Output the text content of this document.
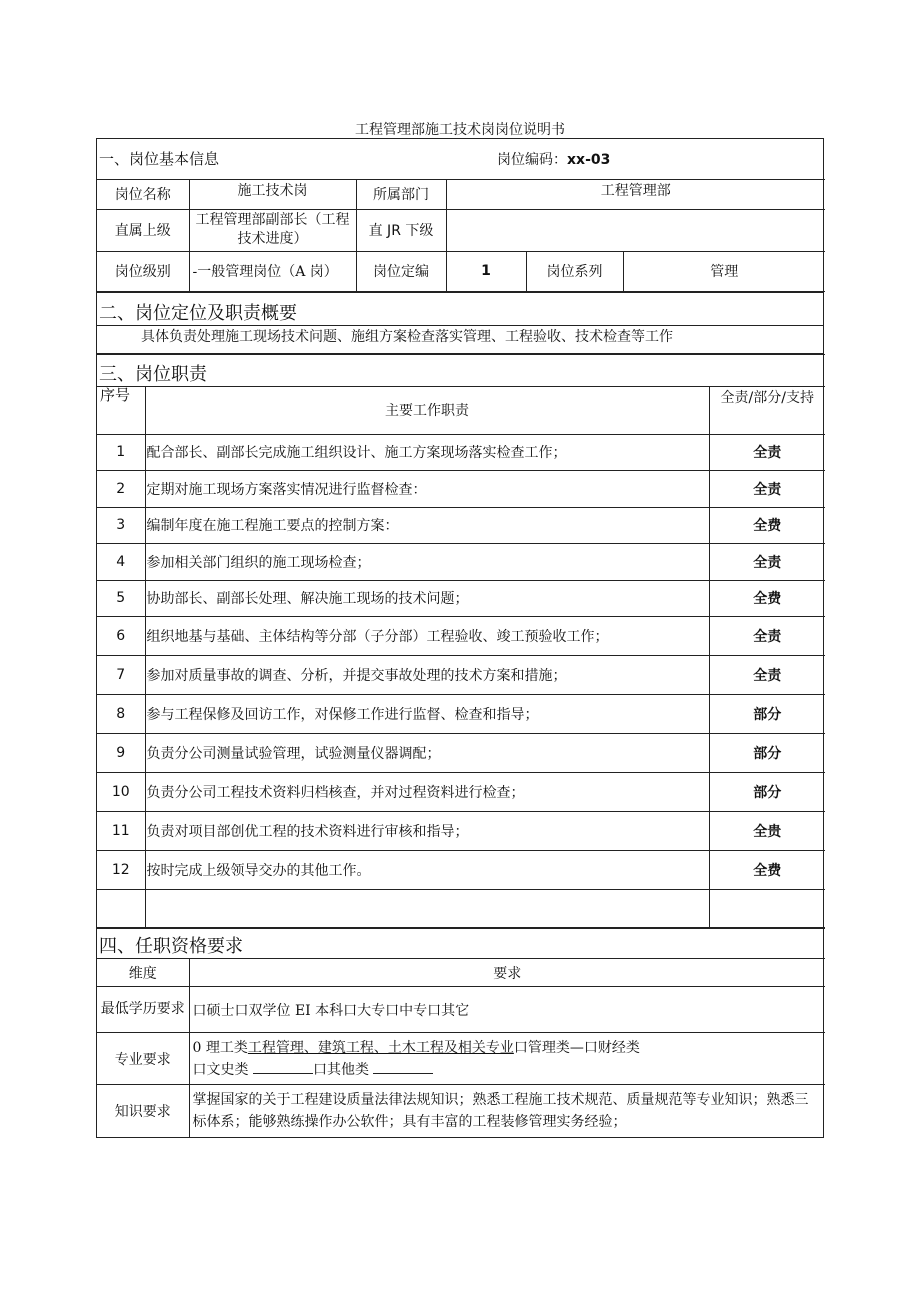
工程管理部施工技术岗岗位说明书
一、岗位基本信息					岗位编码：xx-03
岗位名称	施工技术岗	所属部门	工程管理部		
直属上级	工程管理部副部长（工程技术进度）	直 JR 下级			
岗位级别	-一般管理岗位（A 岗）	岗位定编	1	岗位系列	管理
二、岗位定位及职责概要
具体负责处理施工现场技术问题、施组方案检查落实管理、工程验收、技术检查等工作
三、岗位职责		
序号	主要工作职责	全责/部分/支持
1	配合部长、副部长完成施工组织设计、施工方案现场落实检查工作；	全责
2	定期对施工现场方案落实情况进行监督检查：	全责
3	编制年度在施工程施工要点的控制方案：	全费
4	参加相关部门组织的施工现场检查；	全责
5	协助部长、副部长处理、解决施工现场的技术问题；	全费
6	组织地基与基础、主体结构等分部（子分部）工程验收、竣工预验收工作；	全责
7	参加对质量事故的调查、分析，并提交事故处理的技术方案和措施；	全责
8	参与工程保修及回访工作，对保修工作进行监督、检查和指导；	部分
9	负责分公司测量试验管理，试验测量仪器调配；	部分
10	负责分公司工程技术资料归档核查，并对过程资料进行检查；	部分
11	负责对项目部创优工程的技术资料进行审核和指导；	全贵
12	按时完成上级领导交办的其他工作。	全费

四、任职资格要求	
维度	要求
最低学历要求	口硕士口双学位 EI 本科口大专口中专口其它
专业要求	0 理工类工程管理、建筑工程、土木工程及相关专业口管理类—口财经类
口文史类 口其他类
知识要求	掌握国家的关于工程建设质量法律法规知识；熟悉工程施工技术规范、质量规范等专业知识；熟悉三标体系；能够熟练操作办公软件；具有丰富的工程装修管理实务经验；
